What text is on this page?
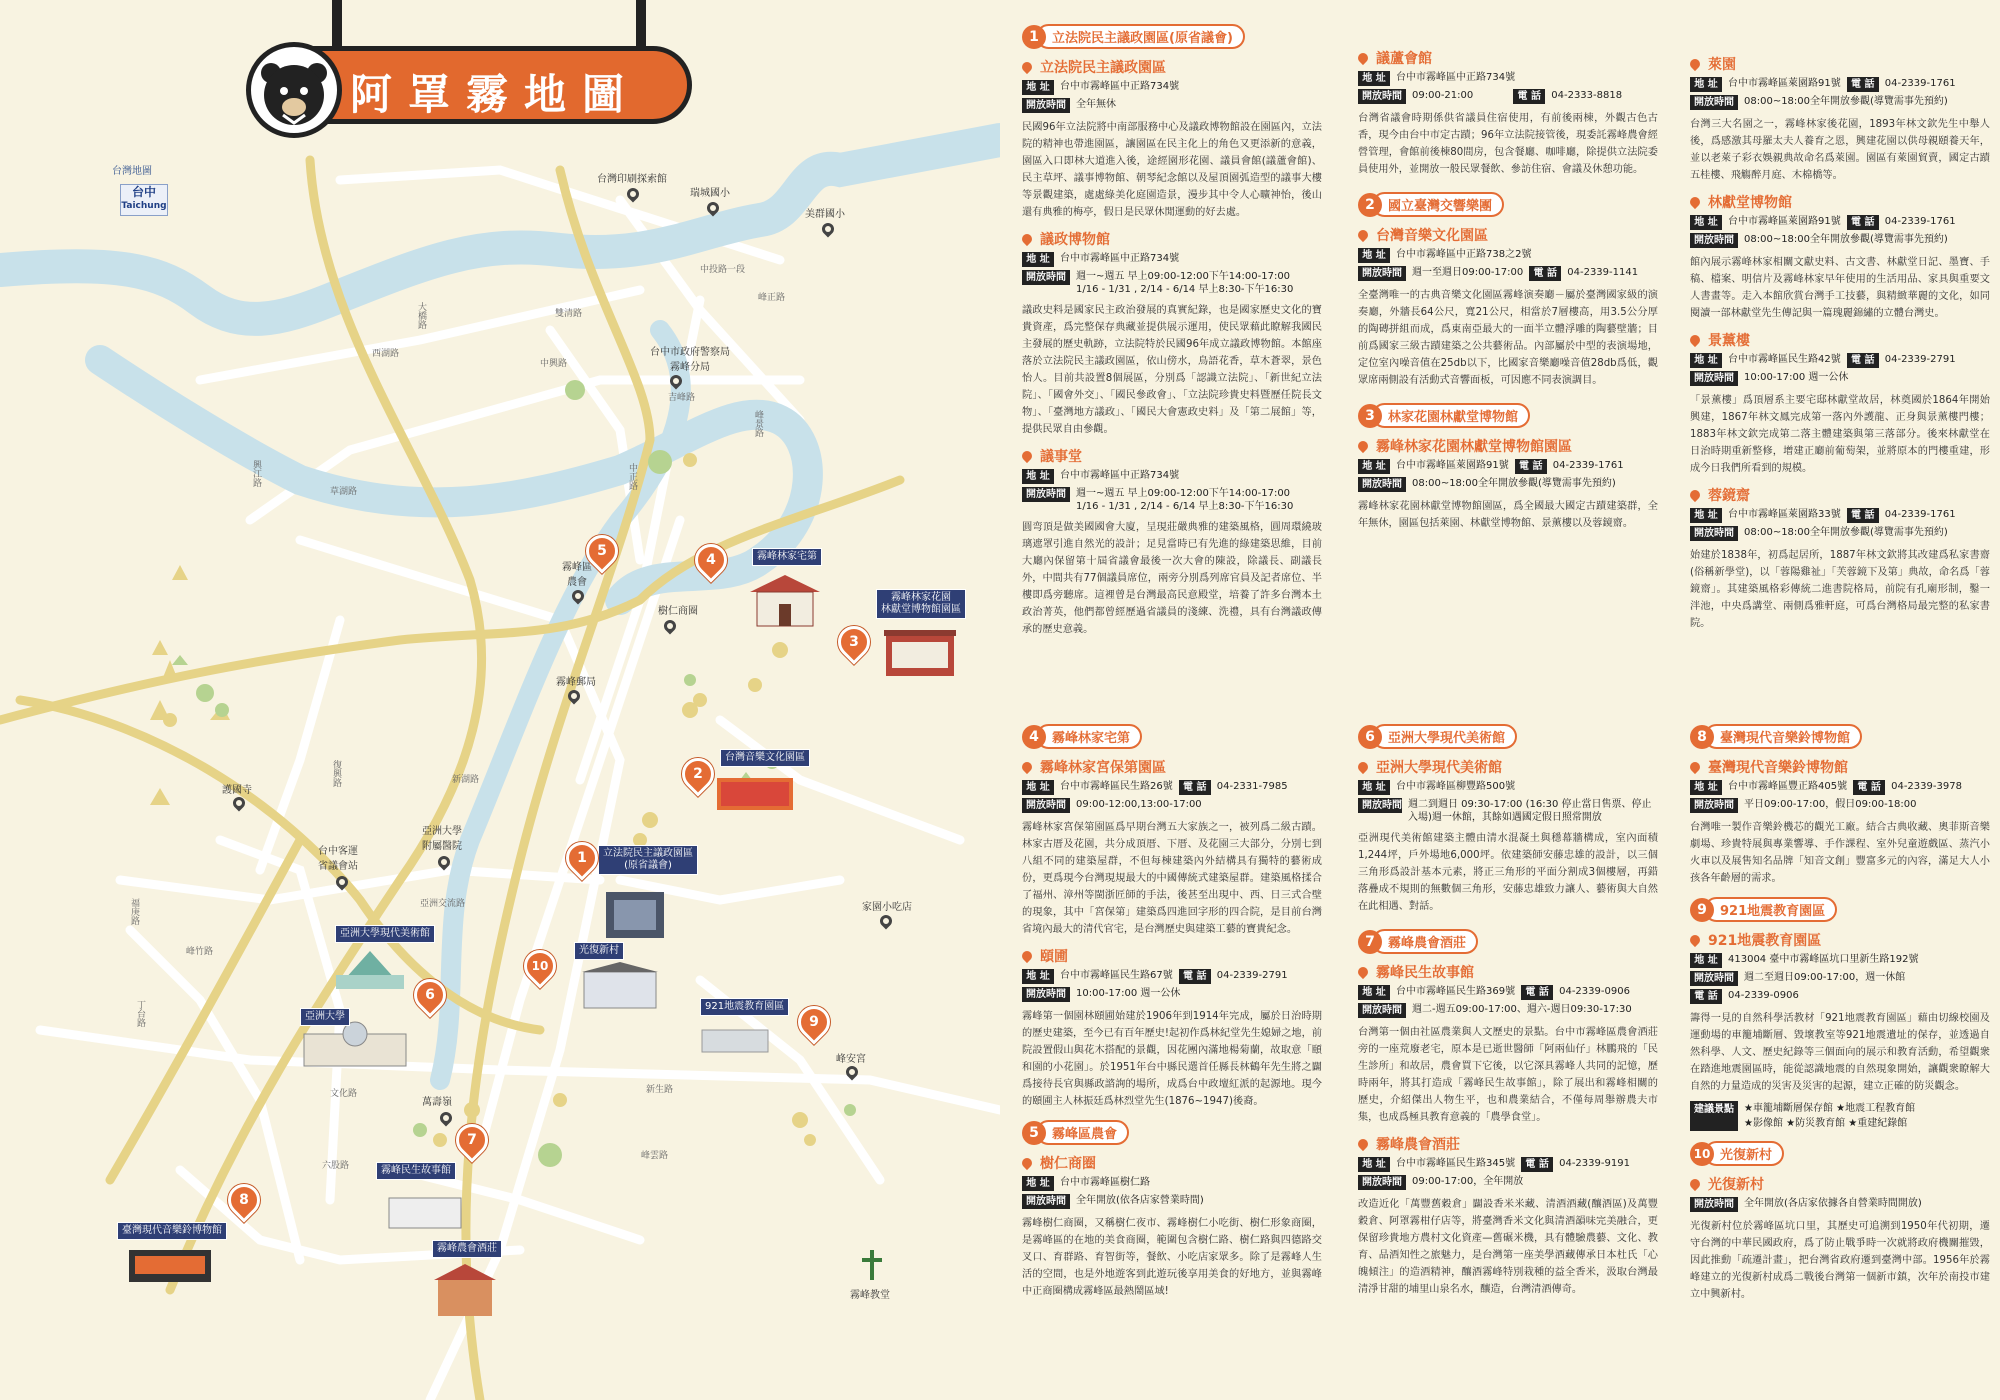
阿罩霧地圖
台灣地圖
台中
Taichung
台灣印刷探索館
瑞城國小
美群國小
台中市政府警察局
霧峰分局
霧峰區
農會
樹仁商圈
霧峰郵局
護國寺
台中客運
省議會站
亞洲大學
附屬醫院
家園小吃店
峰安宮
萬壽嶺
霧峰教堂
中投路一段
峰正路
大橋路	雙清路
西湖路
中興路
吉峰路
草湖路
中正路
峰景路
興江路
復興路	新湖路
亞洲交流路
福庚路
峰竹路
丁台路
文化路	新生路
六股路
峰雲路
霧峰林家宅第
霧峰林家花園
林獻堂博物館園區
台灣音樂文化園區
立法院民主議政園區
(原省議會)
光復新村
921地震教育園區
亞洲大學現代美術館
亞洲大學
霧峰民生故事館
霧峰農會酒莊
臺灣現代音樂鈴博物館
1
2
3
4
5
6
7
8
9
10
1	立法院民主議政園區(原省議會)
立法院民主議政園區
地 址	台中市霧峰區中正路734號
開放時間	全年無休
民國96年立法院將中南部服務中心及議政博物館設在園區內，立法院的精神也帶進園區，讓園區在民主化上的角色又更添新的意義，園區入口即林大道進入後，途經園形花園、議員會館(議蘆會館)、民主草坪、議事博物館、朝琴紀念館以及屋頂園弧造型的議事大樓等景觀建築，處處綠美化庭園造景，漫步其中令人心曠神怡，後山還有典雅的梅亭，假日是民眾休閒運動的好去處。
議政博物館
地 址	台中市霧峰區中正路734號
開放時間	週一~週五 早上09:00-12:00下午14:00-17:00
1/16 - 1/31 , 2/14 - 6/14 早上8:30-下午16:30
議政史料是國家民主政治發展的真實紀錄，也是國家歷史文化的寶貴資產，爲完整保存典藏並提供展示運用，使民眾藉此瞭解我國民主發展的歷史軌跡，立法院特於民國96年成立議政博物館。本館座落於立法院民主議政園區，依山傍水，鳥語花香，草木蒼翠，景色怡人。目前共設置8個展區，分別爲「認識立法院」、「新世紀立法院」、「國會外交」、「國民參政會」、「立法院珍貴史料暨歷任院長文物」、「臺灣地方議政」、「國民大會憲政史料」及「第二展館」等，提供民眾自由參觀。
議事堂
地 址	台中市霧峰區中正路734號
開放時間	週一~週五 早上09:00-12:00下午14:00-17:00
1/16 - 1/31 , 2/14 - 6/14 早上8:30-下午16:30
圓弯頂是做美國國會大廈，呈現莊嚴典雅的建築風格，圓周環繞玻璃遮罩引進自然光的設計；足見當時已有先進的綠建築思維，目前大廳內保留第十屆省議會最後一次大會的陳設，除議長、副議長外，中間共有77個議員席位，兩旁分別爲列席官員及記者席位、半樓即爲旁聽席。這裡曾是台灣最高民意殿堂，培養了許多台灣本土政治菁英，他們都曾經歷過省議員的淺練、洗禮，具有台灣議政傳承的歷史意義。
4	霧峰林家宅第
霧峰林家宮保第園區
地 址	台中市霧峰區民生路26號	電 話	04-2331-7985
開放時間	09:00-12:00,13:00-17:00
霧峰林家宮保第園區爲早期台灣五大家族之一，被列爲二級古蹟。林家古厝及花園，共分成頂厝、下厝、及花園三大部分，分別七到八組不同的建築屋群，不但每棟建築內外結構具有獨特的藝術成份，更爲現今台灣現規最大的中國傳統式建築屋群。建築風格揉合了福州、漳州等閩浙匠師的手法，後甚至出現中、西、日三式合壁的現象，其中「宮保第」建築爲四進回字形的四合院，是目前台灣省境內最大的清代官宅，是台灣歷史與建築工藝的寶貴紀念。
頤圃
地 址	台中市霧峰區民生路67號	電 話	04-2339-2791
開放時間	10:00-17:00 週一公休
霧峰第一個園林頤圃始建於1906年到1914年完成，屬於日治時期的歷史建築，至今已有百年歷史!起初作爲林紀堂先生媳婦之地，前院設置假山與花木搭配的景觀，因花團內滿地楊菊蘭，故取意「頤和園的小花園」。於1951年台中縣民選首任縣長林鶴年先生將之闢爲接待長官與縣政諮詢的場所，成爲台中政壇紅派的起源地。現今的頤圃主人林振廷爲林烈堂先生(1876~1947)後裔。
5	霧峰區農會
樹仁商圈
地 址	台中市霧峰區樹仁路
開放時間	全年開放(依各店家營業時間)
霧峰樹仁商圈，又稱樹仁夜市、霧峰樹仁小吃街、樹仁形象商圈，是霧峰區的在地的美食商圈，範圍包含樹仁路、樹仁路與四德路交叉口、育群路、育智街等，餐飲、小吃店家眾多。除了是霧峰人生活的空間，也是外地遊客到此遊玩後享用美食的好地方，並與霧峰中正商圈構成霧峰區最熱鬧區域!
議蘆會館
地 址	台中市霧峰區中正路734號
開放時間	09:00-21:00	電 話	04-2333-8818
台灣省議會時期係供省議員住宿使用，有前後兩棟，外觀古色古香，現今由台中市定古蹟；96年立法院接管後，現委託霧峰農會經營管理，會館前後棟80間房，包含餐廳、咖啡廳，除提供立法院委員使用外，並開放一般民眾餐飲、參訪住宿、會議及休憩功能。
2	國立臺灣交響樂團
台灣音樂文化園區
地 址	台中市霧峰區中正路738之2號
開放時間	週一至週日09:00-17:00	電 話	04-2339-1141
全臺灣唯一的古典音樂文化園區霧峰演奏廳－屬於臺灣國家級的演奏廳，外牆長64公尺，寬21公尺，相當於7層樓高，用3.5公分厚的陶磚拼組而成，爲東南亞最大的一面半立體浮雕的陶藝壁牆；目前爲國家三級古蹟建築之公共藝術品。內部屬於中型的表演場地，定位室內噪音值在25db以下，比國家音樂廳噪音值28db爲低，觀眾席兩側設有活動式音響面板，可因應不同表演調目。
3	林家花園林獻堂博物館
霧峰林家花園林獻堂博物館園區
地 址	台中市霧峰區萊園路91號	電 話	04-2339-1761
開放時間	08:00~18:00全年開放參觀(導覽需事先預約)
霧峰林家花園林獻堂博物館園區，爲全國最大國定古蹟建築群，全年無休，園區包括萊園、林獻堂博物館、景薰樓以及蓉鏡齋。
6	亞洲大學現代美術館
亞洲大學現代美術館
地 址	台中市霧峰區柳豐路500號
開放時間 週二到週日 09:30-17:00 (16:30 停止當日售票、停止入場)週一休館，其餘如遇國定假日照常開放
亞洲現代美術館建築主體由清水混凝土與穩幕牆構成，室內面積1,244坪，戶外場地6,000坪。依建築師安藤忠雄的設計，以三個三角形爲設計基本元素，將正三角形的平面分割成3個樓層，再錯落疊成不規則的無數個三角形，安藤忠雄致力讓人、藝術與大自然在此相遇、對話。
7	霧峰農會酒莊
霧峰民生故事館
地 址	台中市霧峰區民生路369號	電 話	04-2339-0906
開放時間	週二-週五09:00-17:00、週六-週日09:30-17:30
台灣第一個由社區農業與人文歷史的景點。台中市霧峰區農會酒莊旁的一座荒廢老宅，原本是已逝世醫師「阿兩仙仔」林鵬飛的「民生診所」和故居，農會買下它後，以它深具霧峰人共同的記憶，歷時兩年，將其打造成「霧峰民生故事館」，除了展出和霧峰相關的歷史，介紹傑出人物生平，也和農業結合，不僅每周舉辦農夫市集，也成爲極具教育意義的「農學食堂」。
霧峰農會酒莊
地 址	台中市霧峰區民生路345號	電 話	04-2339-9191
開放時間	09:00-17:00，全年開放
改造近化「萬豐舊穀倉」闢設香米米藏、清酒酒藏(釀酒區)及萬豐穀倉、阿罩霧柑仔店等，將臺灣香米文化與清酒韻味完美融合，更保留珍貴地方農村文化資產—舊碾米機，具有體驗農藝、文化、教育、品酒知性之旅魅力，是台灣第一座美學酒藏傳承日本杜氏「心魄傾注」的造酒精神，釀酒霧峰特別栽種的益全香米，汲取台灣最清淨甘甜的埔里山泉名水，釀造，台灣清酒傳奇。
萊園
地 址	台中市霧峰區萊園路91號	電 話	04-2339-1761
開放時間	08:00~18:00全年開放參觀(導覽需事先預約)
台灣三大名園之一，霧峰林家後花園，1893年林文欽先生中舉人後，爲感激其母羅太夫人養育之恩，興建花園以供母親頤養天年，並以老萊子彩衣娛親典故命名爲萊園。園區有萊園貿賣，國定古蹟五桂樓、飛觴醉月庭、木棉橋等。
林獻堂博物館
地 址	台中市霧峰區萊園路91號	電 話	04-2339-1761
開放時間	08:00~18:00全年開放參觀(導覽需事先預約)
館內展示霧峰林家相關文獻史料、古文書、林獻堂日記、墨寶、手稿、檔案、明信片及霧峰林家早年使用的生活用品、家具與重要文人書畫等。走入本館欣賞台灣手工技藝，與精緻華麗的文化，如同閱讀一部林獻堂先生傳記與一篇瑰麗錦繡的立體台灣史。
景薰樓
地 址	台中市霧峰區民生路42號	電 話	04-2339-2791
開放時間	10:00-17:00 週一公休
「景薰樓」爲頂層系主要宅邸林獻堂故居，林奠國於1864年開始興建，1867年林文鳳完成第一落內外護龍、正身與景薰樓門樓；1883年林文欽完成第二落主體建築與第三落部分。後來林獻堂在日治時期重新整修，增建正廳前葡萄架，並將原本的門樓重建，形成今日我們所看到的規模。
蓉鏡齋
地 址	台中市霧峰區萊園路33號	電 話	04-2339-1761
開放時間	08:00~18:00全年開放參觀(導覽需事先預約)
始建於1838年，初爲起居所，1887年林文欽將其改建爲私家書齋(俗稱新學堂)，以「蓉陽雞祉」「芙蓉鏡下及第」典故，命名爲「蓉鏡齋」。其建築風格彩傳統二進書院格局，前院有孔廟形制，鑿一泮池，中央爲講堂、兩側爲雅軒庭，可爲台灣格局最完整的私家書院。
8	臺灣現代音樂鈴博物館
臺灣現代音樂鈴博物館
地 址	台中市霧峰區豐正路405號	電 話	04-2339-3978
開放時間	平日09:00-17:00，假日09:00-18:00
台灣唯一製作音樂鈴機芯的觀光工廠。結合古典收藏、奧菲斯音樂劇場、珍貴特展與專業響導、手作課程、室外兒童遊戲區、蒸汽小火車以及展售知名品牌「知音文創」豐富多元的內容，滿足大人小孩各年齡層的需求。
9	921地震教育園區
921地震教育園區
地 址	413004 臺中市霧峰區坑口里新生路192號
開放時間	週二至週日09:00-17:00，週一休館
電 話	04-2339-0906
籌得一見的自然科學活教材「921地震教育園區」藉由切線校園及運動場的車籠埔斷層、毀壞教室等921地震遺址的保存，並透過自然科學、人文、歷史紀錄等三個面向的展示和教育活動，希望觀衆在踏進地震園區時，能從認識地震的自然現象開始，讓觀衆瞭解大自然的力量造成的災害及災害的起源，建立正確的防災觀念。
建議景點	★車籠埔斷層保存館 ★地震工程教育館
★影像館 ★防災教育館 ★重建紀錄館
10 光復新村
光復新村
開放時間	全年開放(各店家依據各自營業時間開放)
光復新村位於霧峰區坑口里，其歷史可追溯到1950年代初期，遷守台灣的中華民國政府，爲了防止戰爭時一次就將政府機關摧毀，因此推動「疏遷計畫」，把台灣省政府遷到臺灣中部。1956年於霧峰建立的光復新村成爲二戰後台灣第一個新市鎮，次年於南投市建立中興新村。
